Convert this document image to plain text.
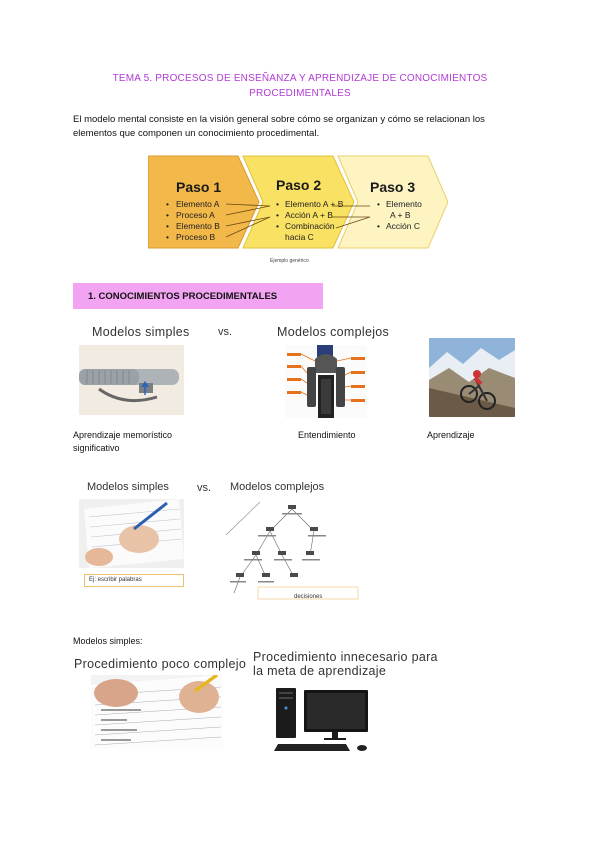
TEMA 5. PROCESOS DE ENSEÑANZA Y APRENDIZAJE DE CONOCIMIENTOS
PROCEDIMENTALES
El modelo mental consiste en la visión general sobre cómo se organizan y cómo se relacionan los
elementos que componen un conocimiento procedimental.
Paso 1	Paso 2	Paso 3
• Elemento A
• Proceso A
• Elemento B
• Proceso B
• Elemento A + B
• Acción A + B
• Combinación
hacia C
• Elemento
A + B
• Acción C
Ejemplo genérico
1. CONOCIMIENTOS PROCEDIMENTALES
Modelos simples	vs.	Modelos complejos
Aprendizaje memorístico
significativo
Entendimiento	Aprendizaje
Modelos simples	vs. Modelos complejos
Ej: escribir palabras
decisiones
Modelos simples:
Procedimiento poco complejo Procedimiento innecesario para
la meta de aprendizaje
